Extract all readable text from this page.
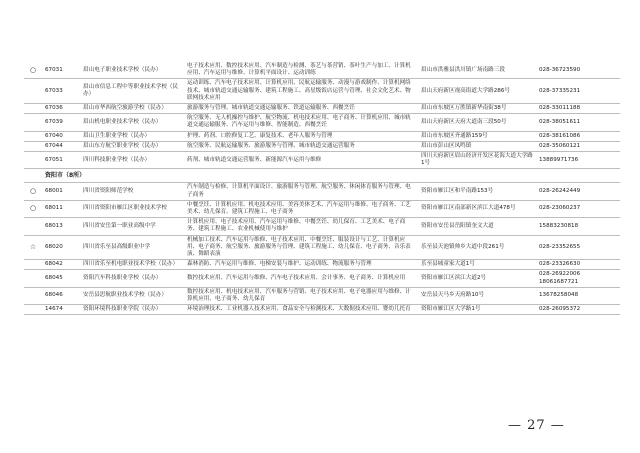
○	67031	眉山电子职业技术学校（民办）	电子技术应用、数控技术应用、汽车制造与检测、茶艺与茶营销、茶叶生产与加工、计算机应用、汽车运用与维修、计算机平面设计、运动训练	眉山市洪雅县洪川镇广场南路三段	028-36723590
	67033	眉山市信息工程中等职业技术学校（民办）	运动训练、汽车电子技术应用、计算机应用、民航运输服务、动漫与游戏制作、计算机网络技术、城市轨道交通运输服务、建筑工程施工、高星级饭店运营与管理、社会文化艺术、物联网技术应用	眉山天府新区视高街道大学路286号	028-37335231
	67036	眉山市华西航空旅游学校（民办）	旅游服务与管理、城市轨道交通运输服务、铁道运输服务、西餐烹饪	眉山市东坡区万胜镇新华南街38号	028-33011188
	67039	眉山机电职业技术学校（民办）	航空服务、无人机操控与维护、航空物流、机电技术应用、电子商务、计算机应用、城市轨道交通运输服务、汽车运用与维修、智能制造、西餐烹饪	眉山天府新区天府大道南三段50号	028-38051611
	67040	眉山卫生职业学校（民办）	护理、药剂、口腔修复工艺、康复技术、老年人服务与管理	眉山市东坡区齐通路159号	028-38161086
	67044	眉山东方航空职业学校（民办）	航空服务、民航运输服务、旅游服务与管理、城市轨道交通运营服务	眉山市彭山区凤鸣镇	028-35060121
	67051	四川科技职业学校（民办）	药剂、城市轨道交通运营服务、新能源汽车运用与维修	四川天府新区眉山经济开发区花海大道大学路1号	13889971736
	资阳市（8所）				
○	68001	四川省资阳师范学校	汽车制造与检修、计算机平面设计、旅游服务与管理、航空服务、休闲体育服务与管理、电子商务	资阳市雁江区和平南路153号	028-26242449
○	68011	四川省资阳市雁江区职业技术学校	中餐烹饪、计算机应用、机电技术应用、美容美体艺术、汽车运用与维修、电子商务、工艺美术、幼儿保育、建筑工程施工、电子商务	资阳市雁江区南部新区滨江大道478号	028-23060237
	68013	四川省安岳第一职业高级中学	计算机应用、电子技术应用、汽车运用与维修、中餐烹饪、幼儿保育、工艺美术、电子商务、建筑工程施工、农业机械使用与维护	资阳市安岳县岳阳镇奎文大道	15883230818
☆	68020	四川省乐至县高级职业中学	机械加工技术、汽车运用与维修、电子技术应用、中餐烹饪、服装设计与工艺、计算机应用、电子商务、航空服务、旅游服务与管理、建筑工程施工、幼儿保育、电子商务、音乐表演、舞蹈表演	乐至县天池镇帅乡大道中段261号	028-23352655
	68042	四川省乐至机电职业技术学校（民办）	森林消防、汽车运用与维修、电梯安装与维护、运动训练、物流服务与管理	乐至县城童家大道1号	028-23326630
	68045	资阳汽车科技职业学校（民办）	数控技术应用、汽车运用与维修、汽车电子技术应用、会计事务、电子商务、计算机应用	资阳市雁江区滨江大道2号	028-26922006
18061687721
	68046	安岳县思航职业技术学校（民办）	数控技术应用、机电技术应用、汽车服务与营销、电子技术应用、电子电器应用与维修、计算机应用、电子商务、幼儿保育	安岳县天马乡天府路10号	13678258048
	14674	资阳环境科技职业学院（民办）	环境治理技术、工业机器人技术应用、食品安全与检测技术、大数据技术应用、婴幼儿托育	资阳市雁江区大学路1号	028-26095372
— 27 —
